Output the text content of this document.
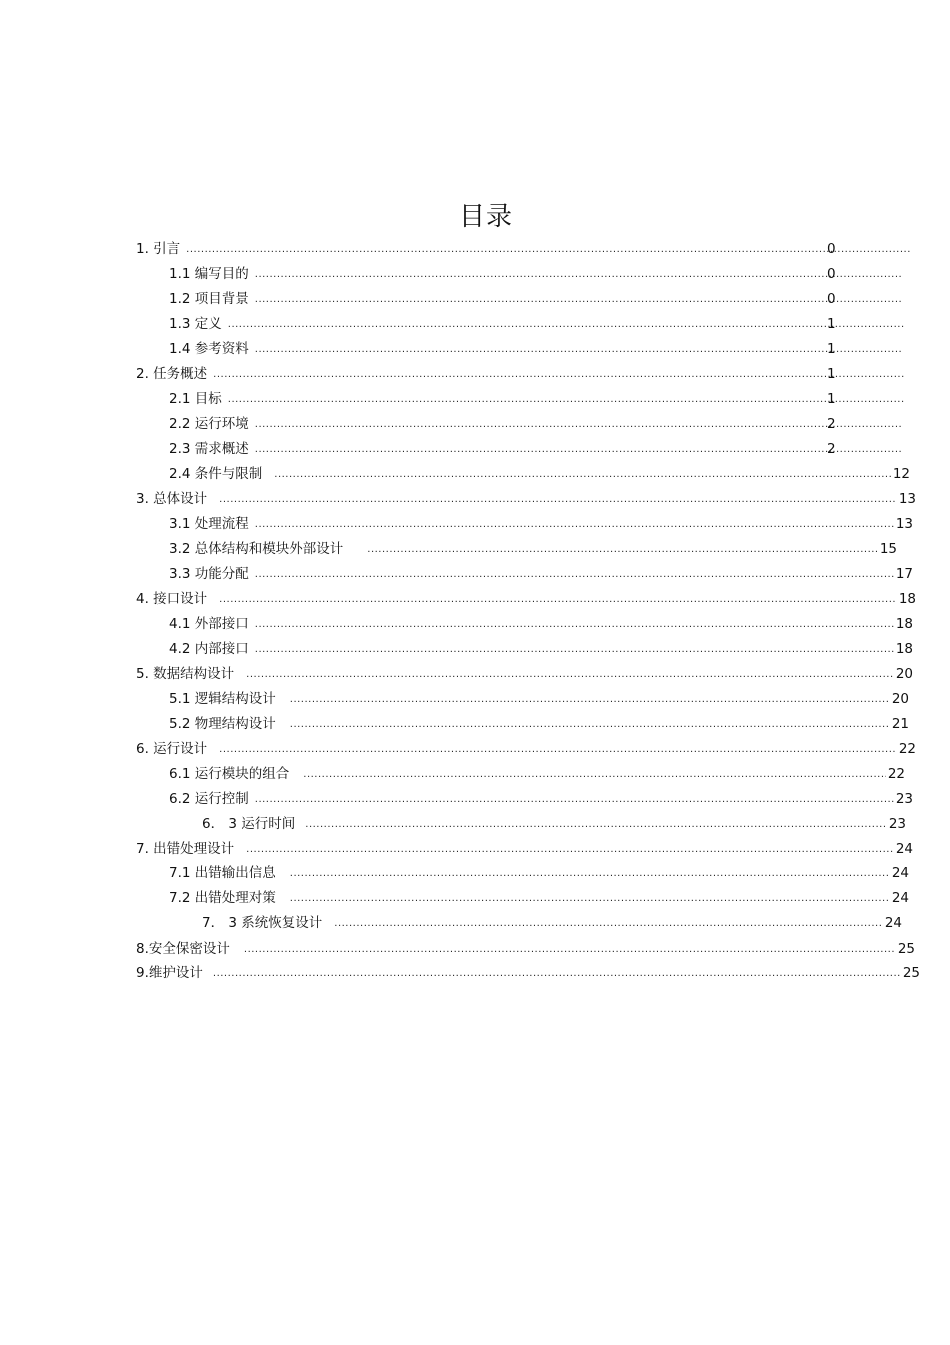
目录
1. 引言 .....	0
1.1 编写目的 .....	0
1.2 项目背景 .....	0
1.3 定义 .....	1
1.4 参考资料 .....	1
2. 任务概述 .....	1
2.1 目标 .....	1
2.2 运行环境 .....	2
2.3 需求概述 .....	2
2.4 条件与限制 .....	12
3. 总体设计 .....	13
3.1 处理流程 .....	13
3.2 总体结构和模块外部设计 .....	15
3.3 功能分配 .....	17
4. 接口设计 .....	18
4.1 外部接口 .....	18
4.2 内部接口 .....	18
5. 数据结构设计 .....	20
5.1 逻辑结构设计 .....	20
5.2 物理结构设计 .....	21
6. 运行设计 .....	22
6.1 运行模块的组合 .....	22
6.2 运行控制 .....	23
6． 3 运行时间 .....	23
7. 出错处理设计 .....	24
7.1 出错输出信息 .....	24
7.2 出错处理对策 .....	24
7． 3 系统恢复设计 .....	24
8.安全保密设计 .....	25
9.维护设计 .....	25
